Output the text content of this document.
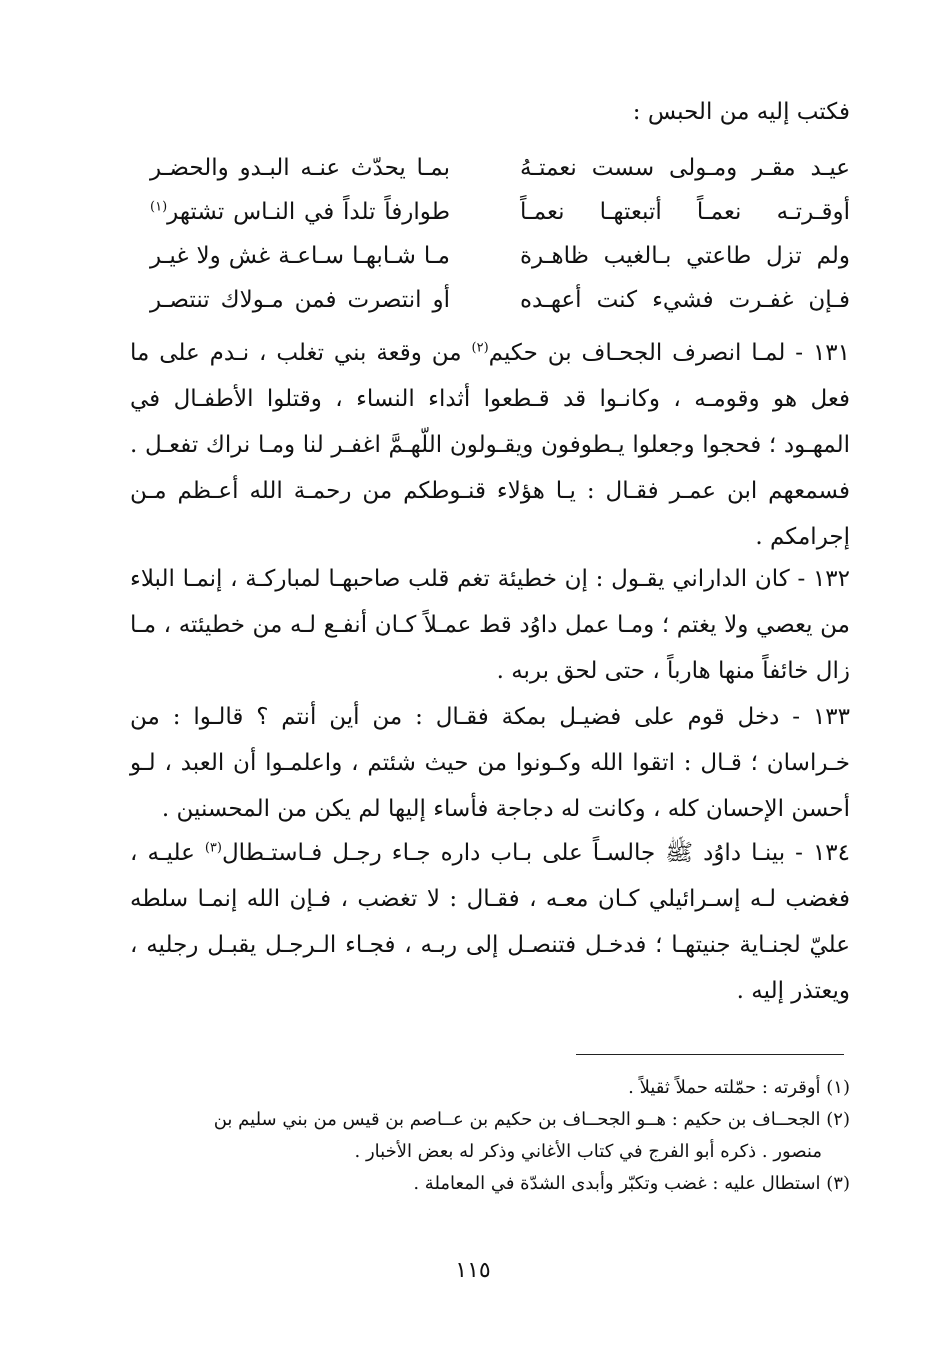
فكتب إليه من الحبس :
عيـد مقـر ومـولى سست نعمتـهُ
بمـا يحدّث عنـه البـدو والحضـر
أوقـرتـه نعمـاً أتبعتهـا نعمـاً
طوارفاً تلداً في النـاس تشتهر$^{(١)}$
ولم تزل طاعتي بـالغيب ظاهـرة
مـا شـابهـا سـاعـة غش ولا غيـر
فـإن غفـرت فشيء كنت أعهـده
أو انتصرت فمن مـولاك تنتصـر
١٣١ - لمـا انصرف الجحـاف بن حكيم$^{(٢)}$ من وقعة بني تغلب ، نـدم على ما فعل هو وقومـه ، وكانـوا قد قـطعوا أثداء النساء ، وقتلوا الأطفـال في المهـود ؛ فحجوا وجعلوا يـطوفون ويقـولون اللّهـمَّ اغفـر لنا ومـا نراك تفعـل . فسمعهم ابن عمـر فقـال : يـا هؤلاء قنـوطكم من رحمـة الله أعـظم مـن إجرامكم .
١٣٢ - كان الداراني يقـول : إن خطيئة تغم قلب صاحبهـا لمباركـة ، إنمـا البلاء من يعصي ولا يغتم ؛ ومـا عمل داوُد قط عمـلاً كـان أنفـع لـه من خطيئته ، مـا زال خائفاً منها هارباً ، حتى لحق بربه .
١٣٣ - دخل قوم على فضيـل بمكة فقـال : من أين أنتم ؟ قالـوا : من خـراسان ؛ قـال : اتقوا الله وكـونوا من حيث شئتم ، واعلمـوا أن العبد ، لـو أحسن الإحسان كله ، وكانت له دجاجة فأساء إليها لم يكن من المحسنين .
١٣٤ - بينـا داوُد ﷺ جالسـاً على بـاب داره جـاء رجـل فـاستـطال$^{(٣)}$ عليـه ، فغضب لـه إسـرائيلي كـان معـه ، فقـال : لا تغضب ، فـإن الله إنمـا سلطه عليّ لجنـاية جنيتهـا ؛ فدخـل فتنصـل إلى ربـه ، فجـاء الـرجـل يقبـل رجليه ، ويعتذر إليه .
(١) أوقرته : حمّلته حملاً ثقيلاً .
(٢) الجحــاف بن حكيم : هــو الجحــاف بن حكيم بن عــاصم بن قيس من بني سليم بن
منصور . ذكره أبو الفرج في كتاب الأغاني وذكر له بعض الأخبار .
(٣) استطال عليه : غضب وتكبّر وأبدى الشدّة في المعاملة .
١١٥
